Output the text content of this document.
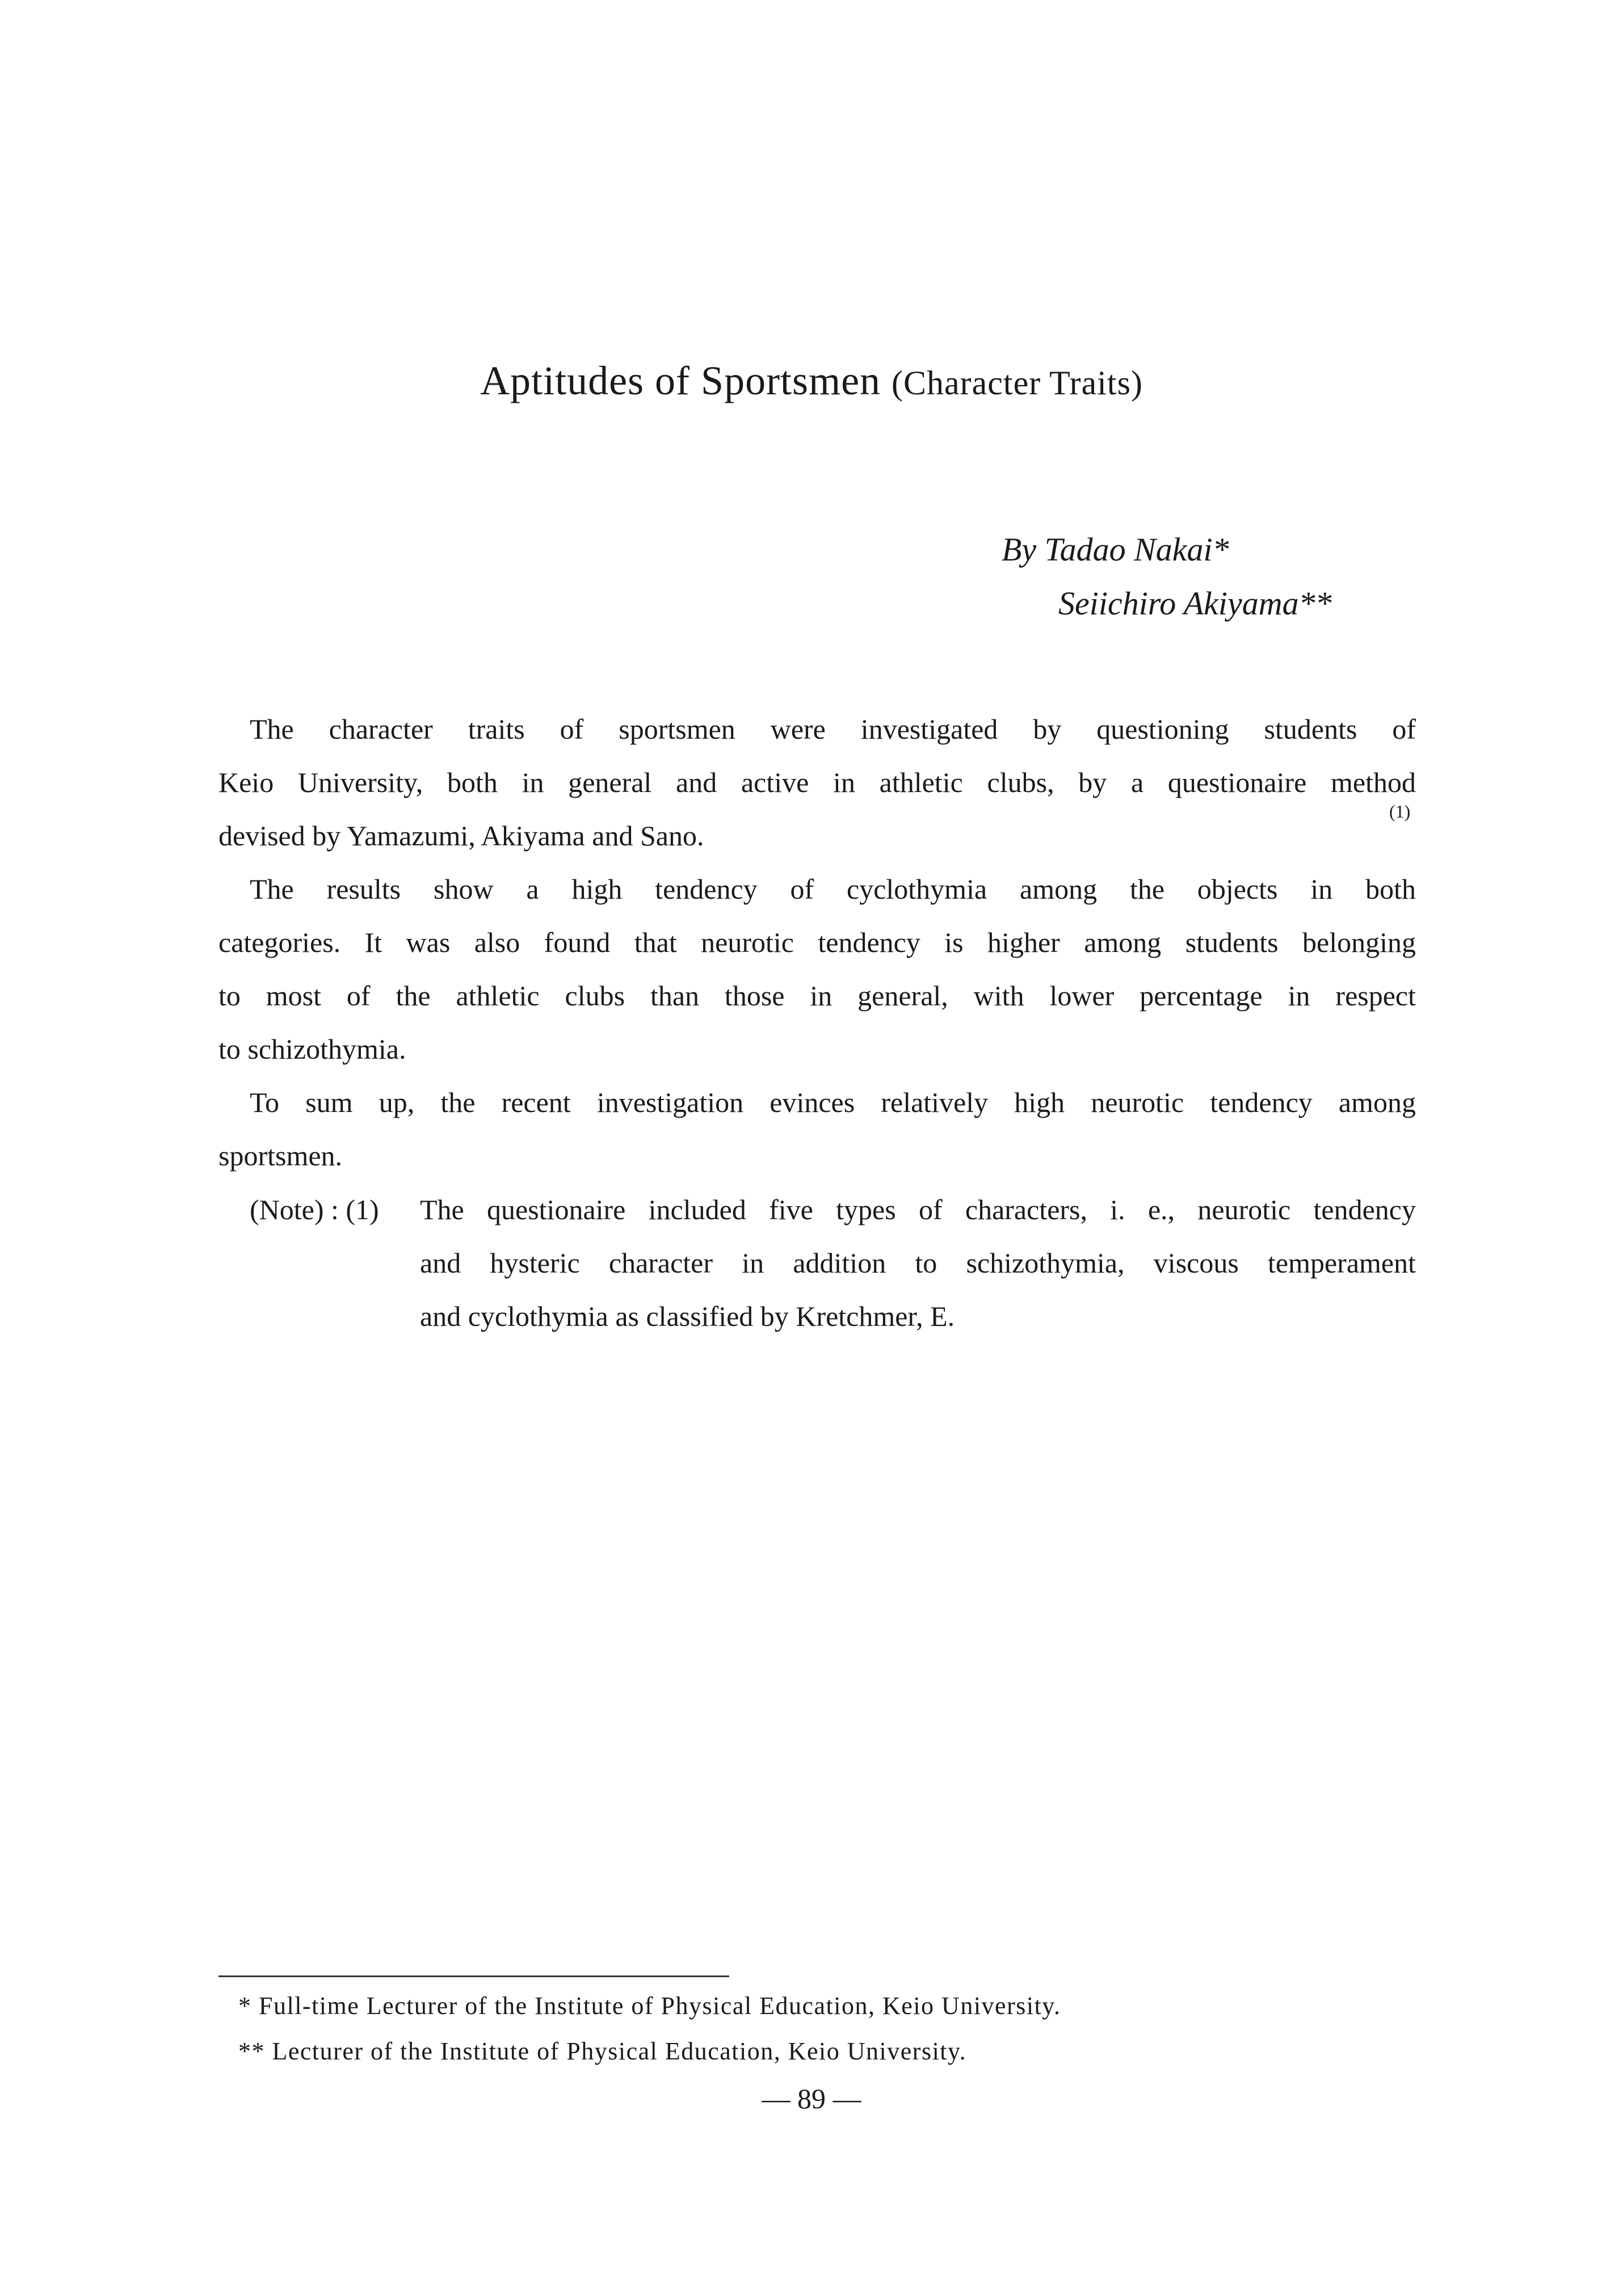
Aptitudes of Sportsmen (Character Traits)
By Tadao Nakai*
Seiichiro Akiyama**
The character traits of sportsmen were investigated by questioning students of
Keio University, both in general and active in athletic clubs, by a questionaire method
devised by Yamazumi, Akiyama and Sano.
The results show a high tendency of cyclothymia among the objects in both
categories. It was also found that neurotic tendency is higher among students belonging
to most of the athletic clubs than those in general, with lower percentage in respect
to schizothymia.
To sum up, the recent investigation evinces relatively high neurotic tendency among
sportsmen.
(1)
(Note) : (1) The questionaire included five types of characters, i. e., neurotic tendency
and hysteric character in addition to schizothymia, viscous temperament
and cyclothymia as classified by Kretchmer, E.
* Full-time Lecturer of the Institute of Physical Education, Keio University.
** Lecturer of the Institute of Physical Education, Keio University.
— 89 —
